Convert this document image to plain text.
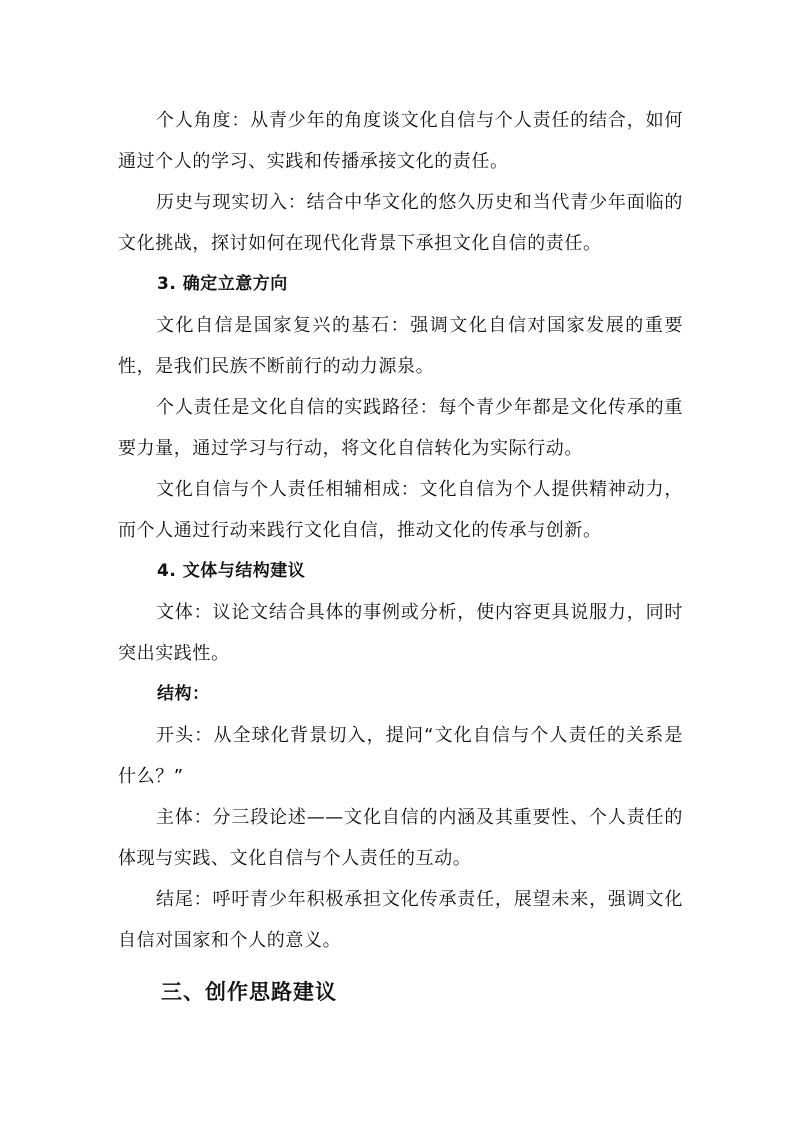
个人角度：从青少年的角度谈文化自信与个人责任的结合，如何通过个人的学习、实践和传播承接文化的责任。

历史与现实切入：结合中华文化的悠久历史和当代青少年面临的文化挑战，探讨如何在现代化背景下承担文化自信的责任。

3. 确定立意方向

文化自信是国家复兴的基石：强调文化自信对国家发展的重要性，是我们民族不断前行的动力源泉。

个人责任是文化自信的实践路径：每个青少年都是文化传承的重要力量，通过学习与行动，将文化自信转化为实际行动。

文化自信与个人责任相辅相成：文化自信为个人提供精神动力，而个人通过行动来践行文化自信，推动文化的传承与创新。

4. 文体与结构建议

文体：议论文结合具体的事例或分析，使内容更具说服力，同时突出实践性。

结构：

开头：从全球化背景切入，提问“文化自信与个人责任的关系是什么？”

主体：分三段论述——文化自信的内涵及其重要性、个人责任的体现与实践、文化自信与个人责任的互动。

结尾：呼吁青少年积极承担文化传承责任，展望未来，强调文化自信对国家和个人的意义。

三、创作思路建议
